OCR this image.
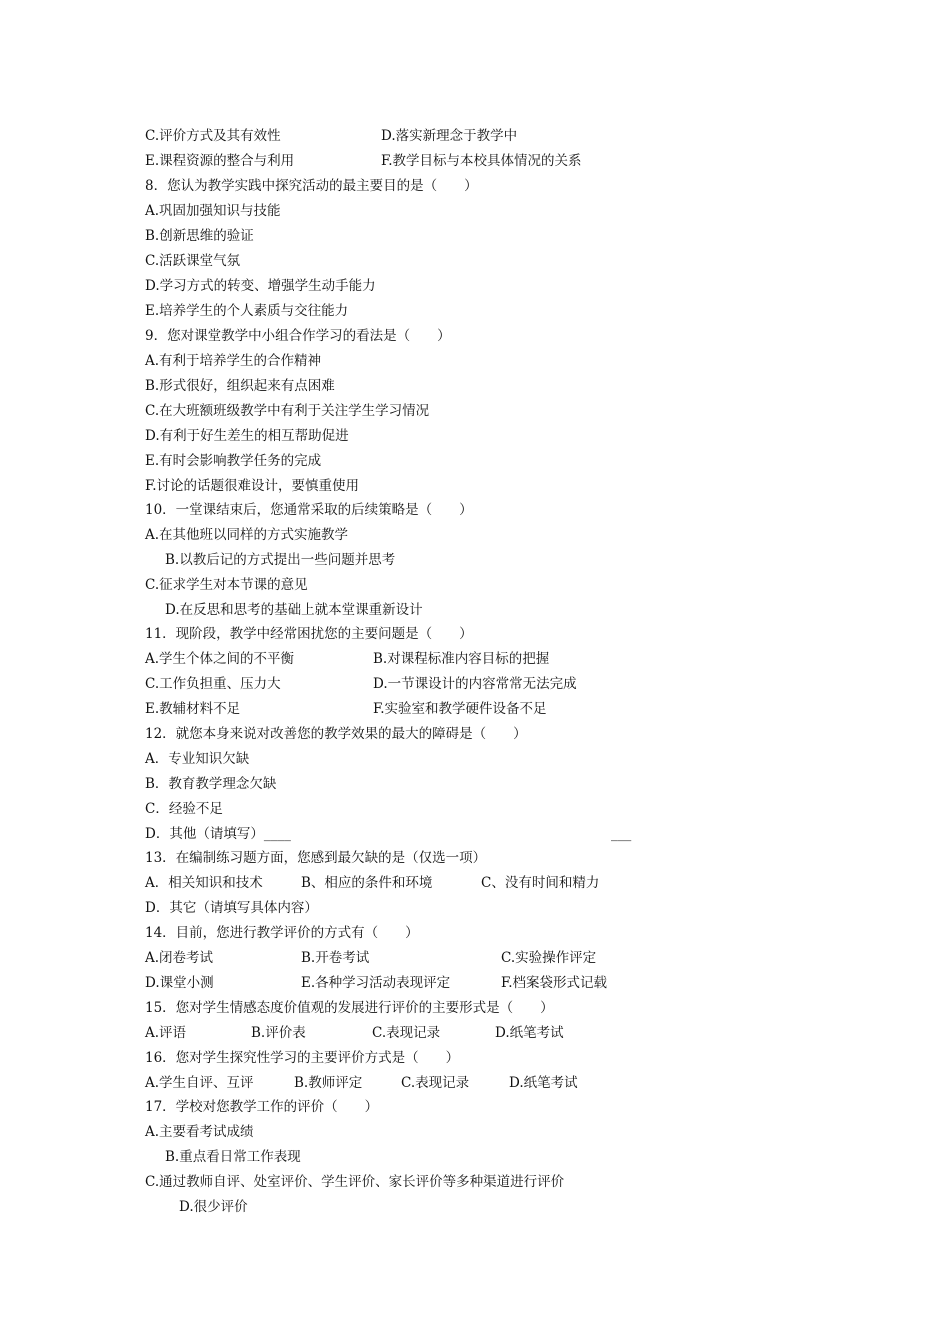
C.评价方式及其有效性	D.落实新理念于教学中
E.课程资源的整合与利用	F.教学目标与本校具体情况的关系
8．您认为教学实践中探究活动的最主要目的是（　　）
A.巩固加强知识与技能
B.创新思维的验证
C.活跃课堂气氛
D.学习方式的转变、增强学生动手能力
E.培养学生的个人素质与交往能力
9．您对课堂教学中小组合作学习的看法是（　　）
A.有利于培养学生的合作精神
B.形式很好，组织起来有点困难
C.在大班额班级教学中有利于关注学生学习情况
D.有利于好生差生的相互帮助促进
E.有时会影响教学任务的完成
F.讨论的话题很难设计，要慎重使用
10．一堂课结束后，您通常采取的后续策略是（　　）
A.在其他班以同样的方式实施教学
B.以教后记的方式提出一些问题并思考
C.征求学生对本节课的意见
D.在反思和思考的基础上就本堂课重新设计
11．现阶段，教学中经常困扰您的主要问题是（　　）
A.学生个体之间的不平衡	B.对课程标准内容目标的把握
C.工作负担重、压力大	D.一节课设计的内容常常无法完成
E.教辅材料不足	F.实验室和教学硬件设备不足
12．就您本身来说对改善您的教学效果的最大的障碍是（　　）
A．专业知识欠缺
B．教育教学理念欠缺
C．经验不足
D．其他（请填写）____	___
13．在编制练习题方面，您感到最欠缺的是（仅选一项）
A．相关知识和技术	B、相应的条件和环境	C、没有时间和精力
D．其它（请填写具体内容）
14．目前，您进行教学评价的方式有（　　）
A.闭卷考试	B.开卷考试	C.实验操作评定
D.课堂小测	E.各种学习活动表现评定	F.档案袋形式记载
15．您对学生情感态度价值观的发展进行评价的主要形式是（　　）
A.评语	B.评价表	C.表现记录	D.纸笔考试
16．您对学生探究性学习的主要评价方式是（　　）
A.学生自评、互评	B.教师评定	C.表现记录	D.纸笔考试
17．学校对您教学工作的评价（　　）
A.主要看考试成绩
B.重点看日常工作表现
C.通过教师自评、处室评价、学生评价、家长评价等多种渠道进行评价
D.很少评价
